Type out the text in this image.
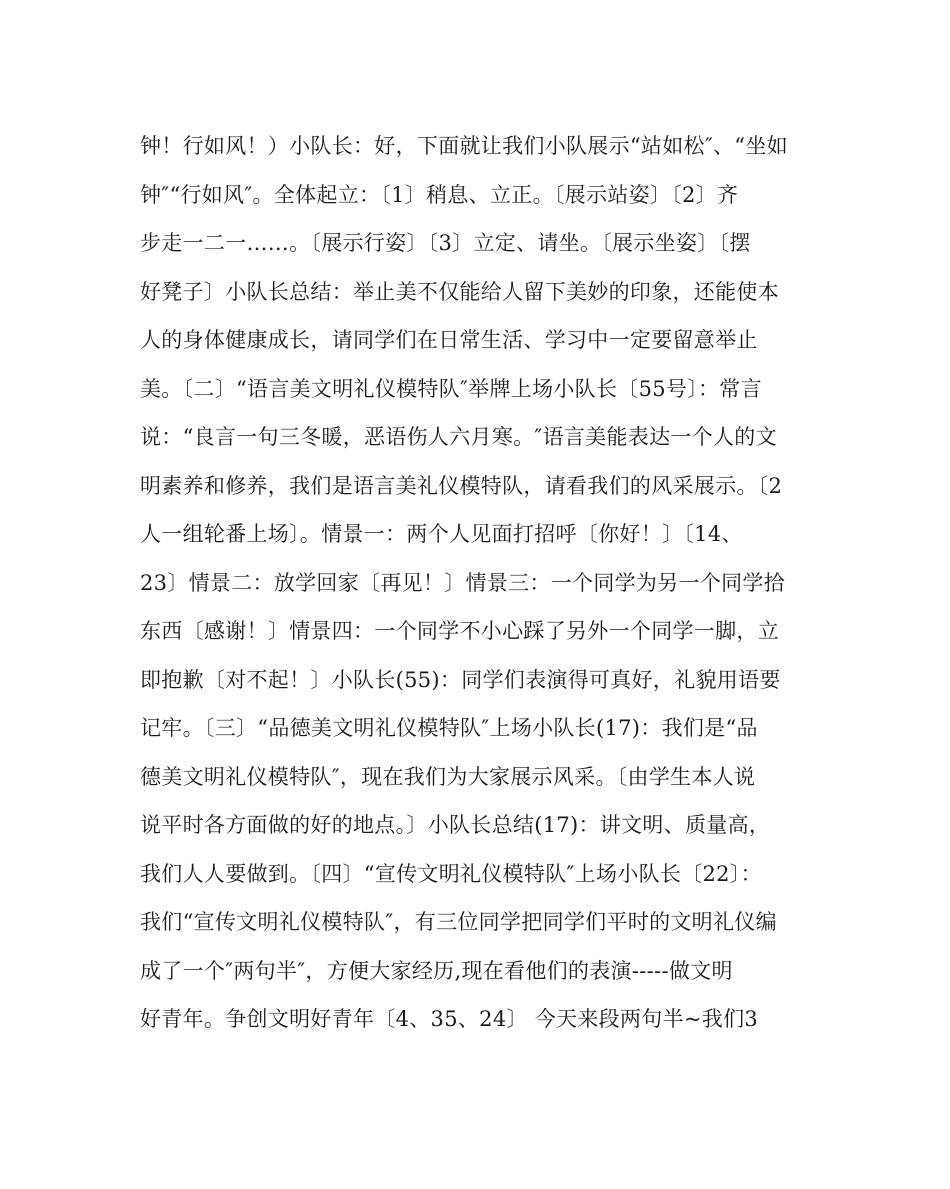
钟！行如风！）小队长：好，下面就让我们小队展示“站如松″、“坐如
钟″“行如风″。全体起立：〔1〕稍息、立正。〔展示站姿〕〔2〕齐
步走一二一……。〔展示行姿〕〔3〕立定、请坐。〔展示坐姿〕〔摆
好凳子〕小队长总结：举止美不仅能给人留下美妙的印象，还能使本
人的身体健康成长，请同学们在日常生活、学习中一定要留意举止
美。〔二〕“语言美文明礼仪模特队″举牌上场小队长〔55号〕：常言
说：“良言一句三冬暖，恶语伤人六月寒。″语言美能表达一个人的文
明素养和修养，我们是语言美礼仪模特队，请看我们的风采展示。〔2
人一组轮番上场〕。情景一：两个人见面打招呼〔你好！〕〔14、
23〕情景二：放学回家〔再见！〕情景三：一个同学为另一个同学拾
东西〔感谢！〕情景四：一个同学不小心踩了另外一个同学一脚，立
即抱歉〔对不起！〕小队长(55)：同学们表演得可真好，礼貌用语要
记牢。〔三〕“品德美文明礼仪模特队″上场小队长(17)：我们是“品
德美文明礼仪模特队″，现在我们为大家展示风采。〔由学生本人说
说平时各方面做的好的地点。〕小队长总结(17)：讲文明、质量高，
我们人人要做到。〔四〕“宣传文明礼仪模特队″上场小队长〔22〕：
我们“宣传文明礼仪模特队″，有三位同学把同学们平时的文明礼仪编
成了一个″两句半″，方便大家经历,现在看他们的表演-----做文明
好青年。争创文明好青年〔4、35、24〕 今天来段两句半~我们3
